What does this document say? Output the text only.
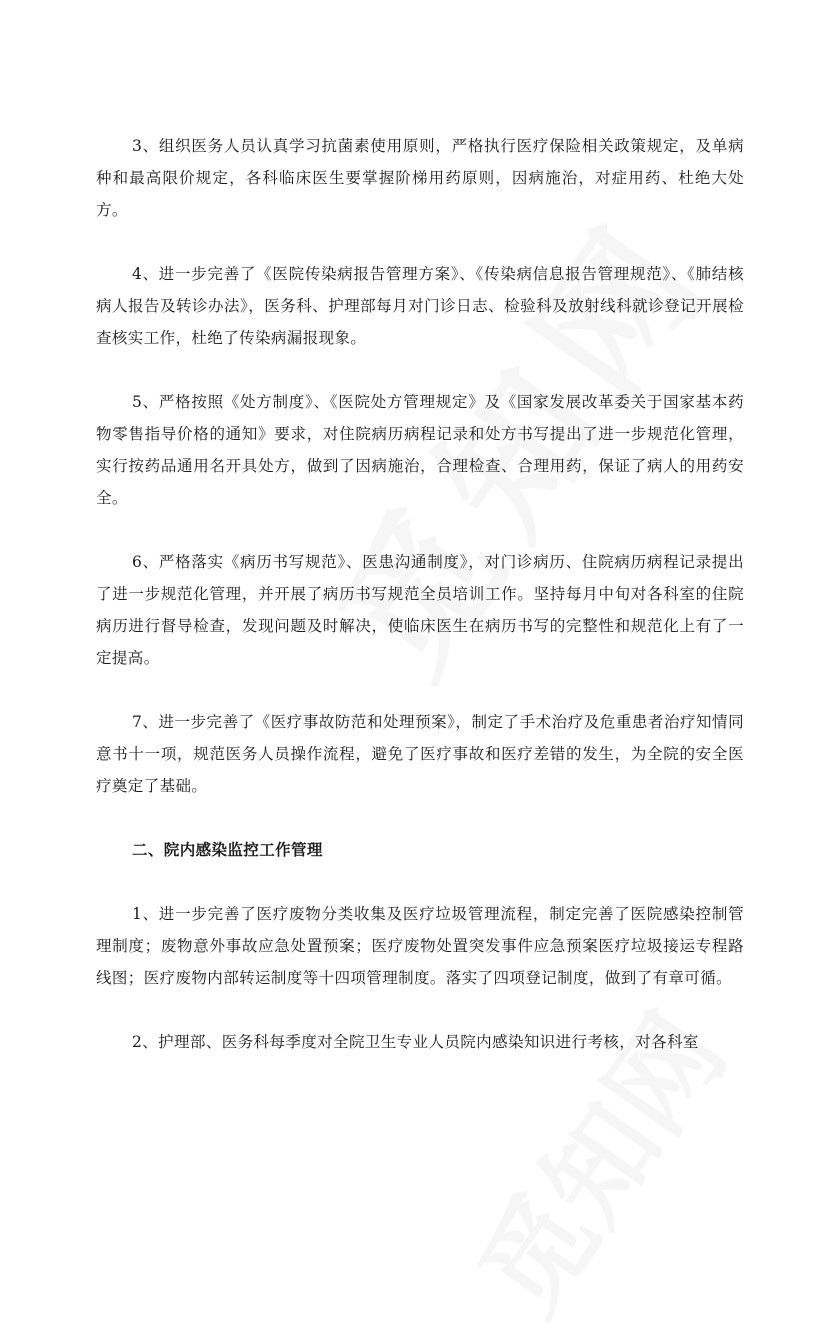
3、组织医务人员认真学习抗菌素使用原则，严格执行医疗保险相关政策规定，及单病种和最高限价规定，各科临床医生要掌握阶梯用药原则，因病施治，对症用药、杜绝大处方。

4、进一步完善了《医院传染病报告管理方案》、《传染病信息报告管理规范》、《肺结核病人报告及转诊办法》，医务科、护理部每月对门诊日志、检验科及放射线科就诊登记开展检查核实工作，杜绝了传染病漏报现象。

5、严格按照《处方制度》、《医院处方管理规定》及《国家发展改革委关于国家基本药物零售指导价格的通知》要求，对住院病历病程记录和处方书写提出了进一步规范化管理，实行按药品通用名开具处方，做到了因病施治，合理检查、合理用药，保证了病人的用药安全。

6、严格落实《病历书写规范》、医患沟通制度》，对门诊病历、住院病历病程记录提出了进一步规范化管理，并开展了病历书写规范全员培训工作。坚持每月中旬对各科室的住院病历进行督导检查，发现问题及时解决，使临床医生在病历书写的完整性和规范化上有了一定提高。

7、进一步完善了《医疗事故防范和处理预案》，制定了手术治疗及危重患者治疗知情同意书十一项，规范医务人员操作流程，避免了医疗事故和医疗差错的发生，为全院的安全医疗奠定了基础。

二、院内感染监控工作管理

1、进一步完善了医疗废物分类收集及医疗垃圾管理流程，制定完善了医院感染控制管理制度；废物意外事故应急处置预案；医疗废物处置突发事件应急预案医疗垃圾接运专程路线图；医疗废物内部转运制度等十四项管理制度。落实了四项登记制度，做到了有章可循。

2、护理部、医务科每季度对全院卫生专业人员院内感染知识进行考核，对各科室
